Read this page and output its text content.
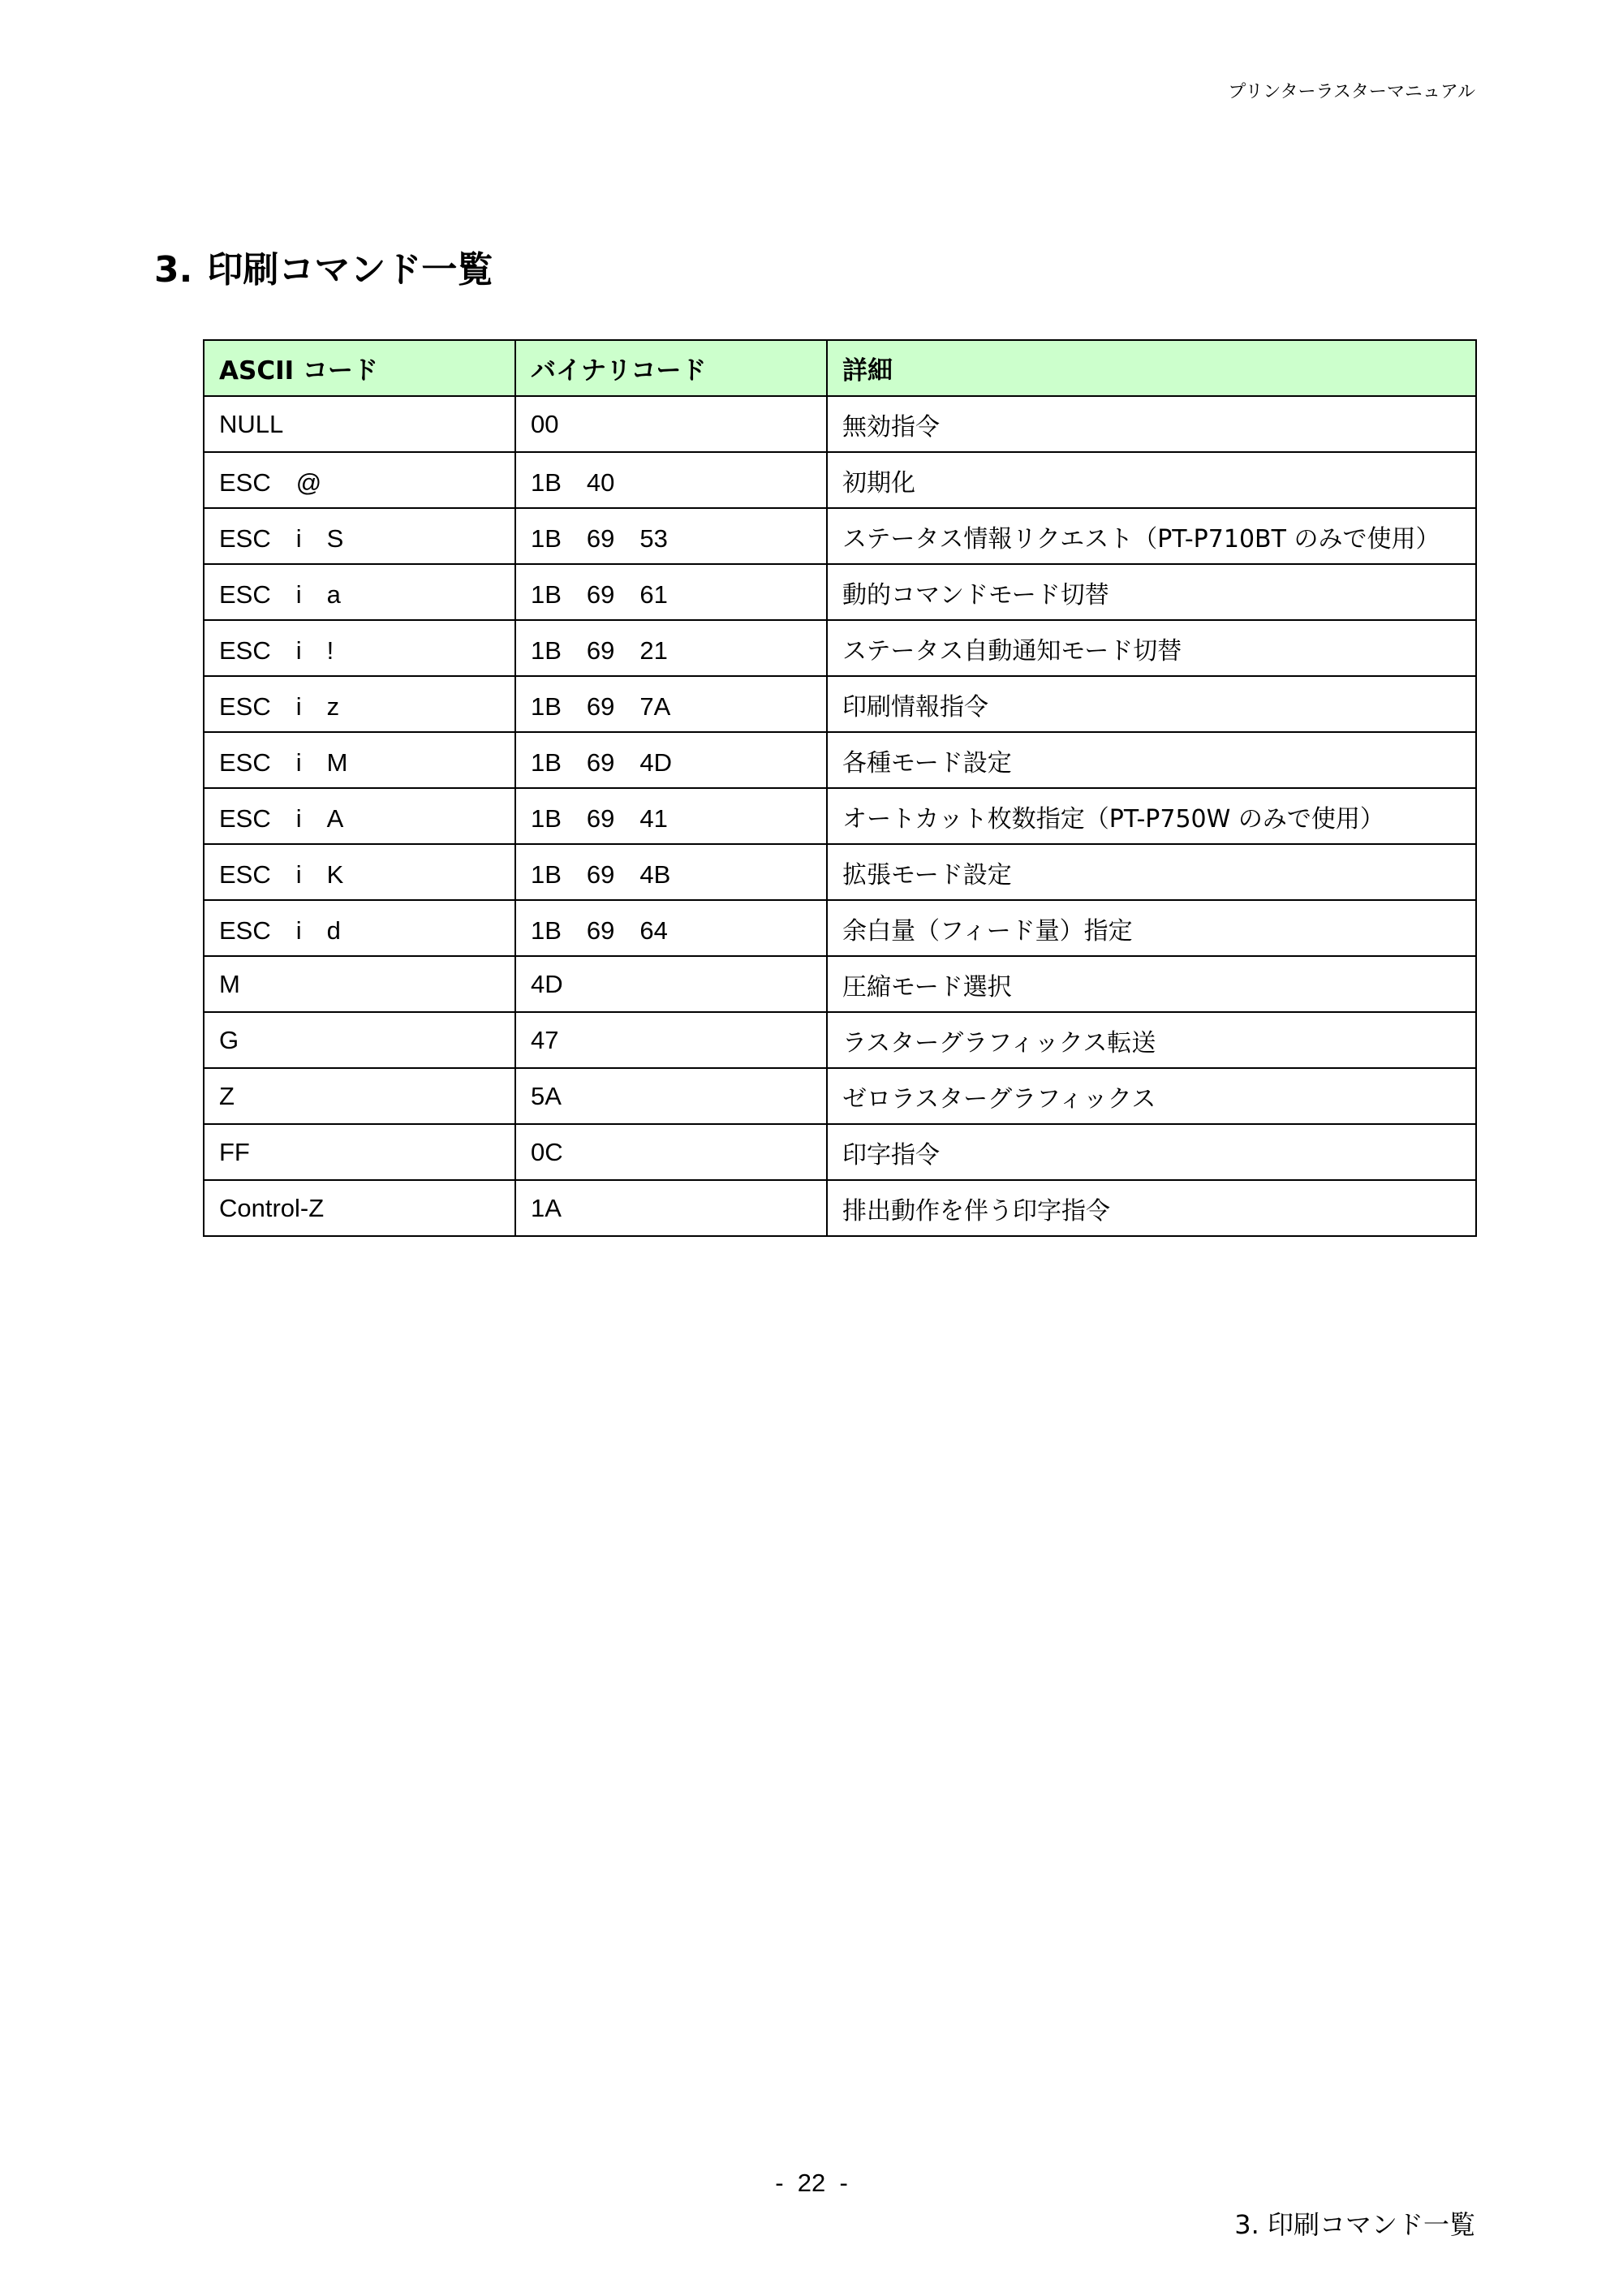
プリンターラスターマニュアル
3. 印刷コマンド一覧
ASCII コード	バイナリコード	詳細
NULL	00	無効指令
ESC　@	1B　40	初期化
ESC　i　S	1B　69　53	ステータス情報リクエスト（PT-P710BT のみで使用）
ESC　i　a	1B　69　61	動的コマンドモード切替
ESC　i　!	1B　69　21	ステータス自動通知モード切替
ESC　i　z	1B　69　7A	印刷情報指令
ESC　i　M	1B　69　4D	各種モード設定
ESC　i　A	1B　69　41	オートカット枚数指定（PT-P750W のみで使用）
ESC　i　K	1B　69　4B	拡張モード設定
ESC　i　d	1B　69　64	余白量（フィード量）指定
M	4D	圧縮モード選択
G	47	ラスターグラフィックス転送
Z	5A	ゼロラスターグラフィックス
FF	0C	印字指令
Control-Z	1A	排出動作を伴う印字指令
-  22  -
3. 印刷コマンド一覧
